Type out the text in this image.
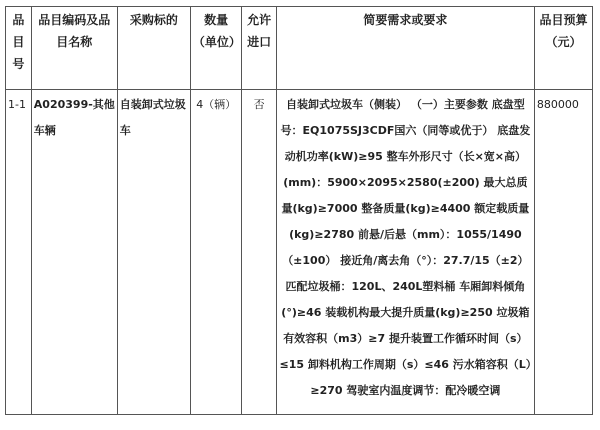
品目号	品目编码及品目名称	采购标的	数量（单位）	允许进口	简要需求或要求	品目预算（元）
1-1	A020399-其他车辆	自装卸式垃圾车	4（辆）	否	自装卸式垃圾车（侧装） （一）主要参数 底盘型号：EQ1075SJ3CDF国六（同等或优于） 底盘发动机功率(kW)≥95 整车外形尺寸（长×宽×高）(mm)：5900×2095×2580(±200) 最大总质量(kg)≥7000 整备质量(kg)≥4400 额定载质量(kg)≥2780 前悬/后悬（mm）：1055/1490（±100） 接近角/离去角（°）：27.7/15（±2） 匹配垃圾桶：120L、240L塑料桶 车厢卸料倾角(°)≥46 装载机构最大提升质量(kg)≥250 垃圾箱有效容积（m3）≥7 提升装置工作循环时间（s）≤15 卸料机构工作周期（s）≤46 污水箱容积（L）≥270 驾驶室内温度调节：配冷暖空调	880000
